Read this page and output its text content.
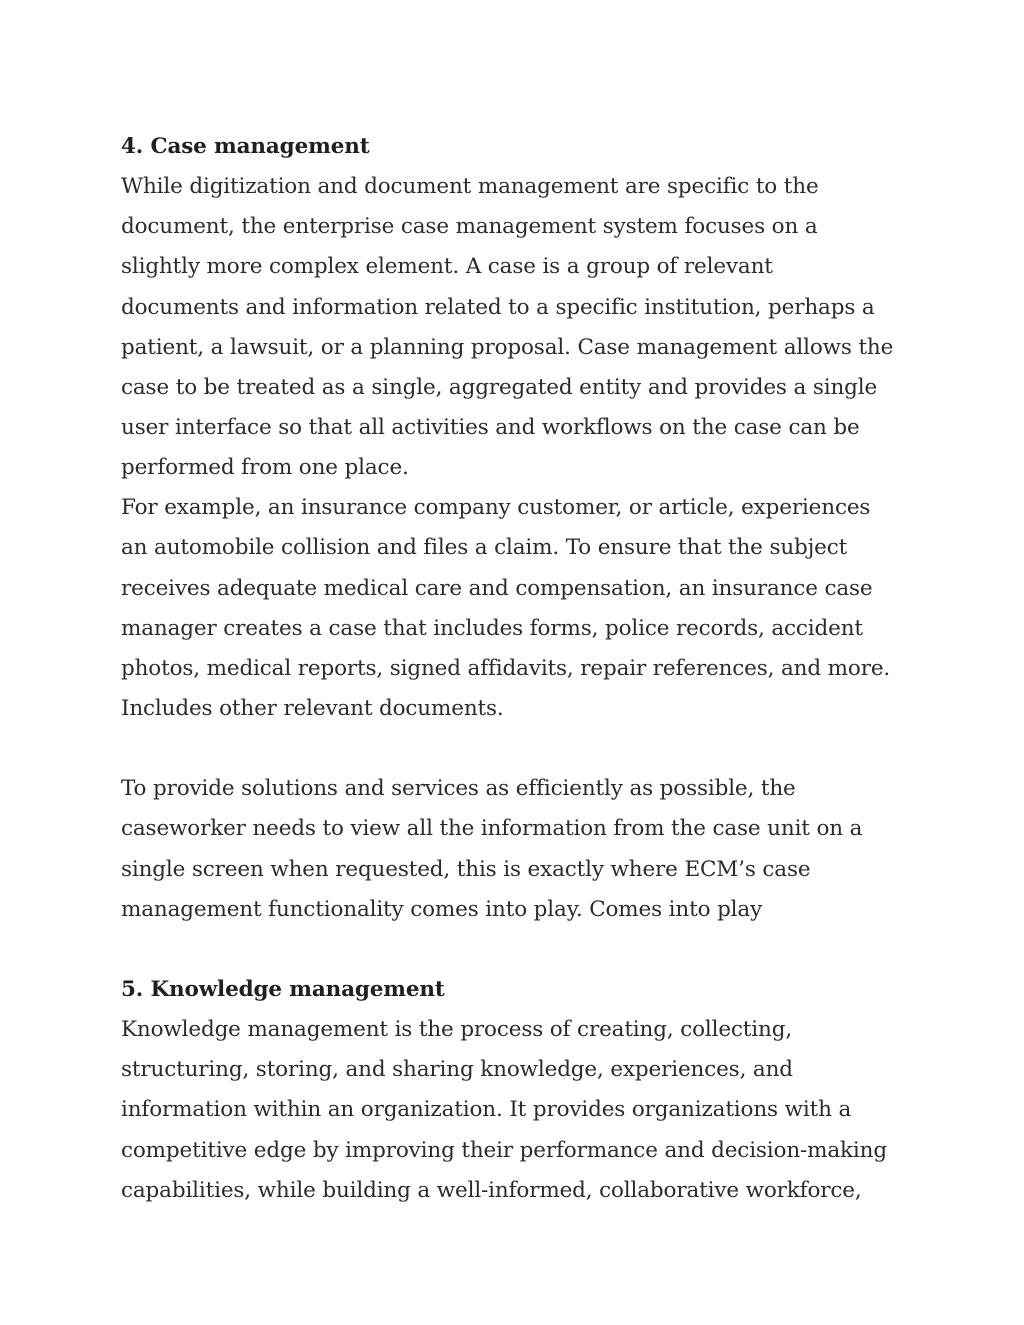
4. Case management
While digitization and document management are specific to the
document, the enterprise case management system focuses on a
slightly more complex element. A case is a group of relevant
documents and information related to a specific institution, perhaps a
patient, a lawsuit, or a planning proposal. Case management allows the
case to be treated as a single, aggregated entity and provides a single
user interface so that all activities and workflows on the case can be
performed from one place.
For example, an insurance company customer, or article, experiences
an automobile collision and files a claim. To ensure that the subject
receives adequate medical care and compensation, an insurance case
manager creates a case that includes forms, police records, accident
photos, medical reports, signed affidavits, repair references, and more.
Includes other relevant documents.
To provide solutions and services as efficiently as possible, the
caseworker needs to view all the information from the case unit on a
single screen when requested, this is exactly where ECM’s case
management functionality comes into play. Comes into play
5. Knowledge management
Knowledge management is the process of creating, collecting,
structuring, storing, and sharing knowledge, experiences, and
information within an organization. It provides organizations with a
competitive edge by improving their performance and decision-making
capabilities, while building a well-informed, collaborative workforce,
